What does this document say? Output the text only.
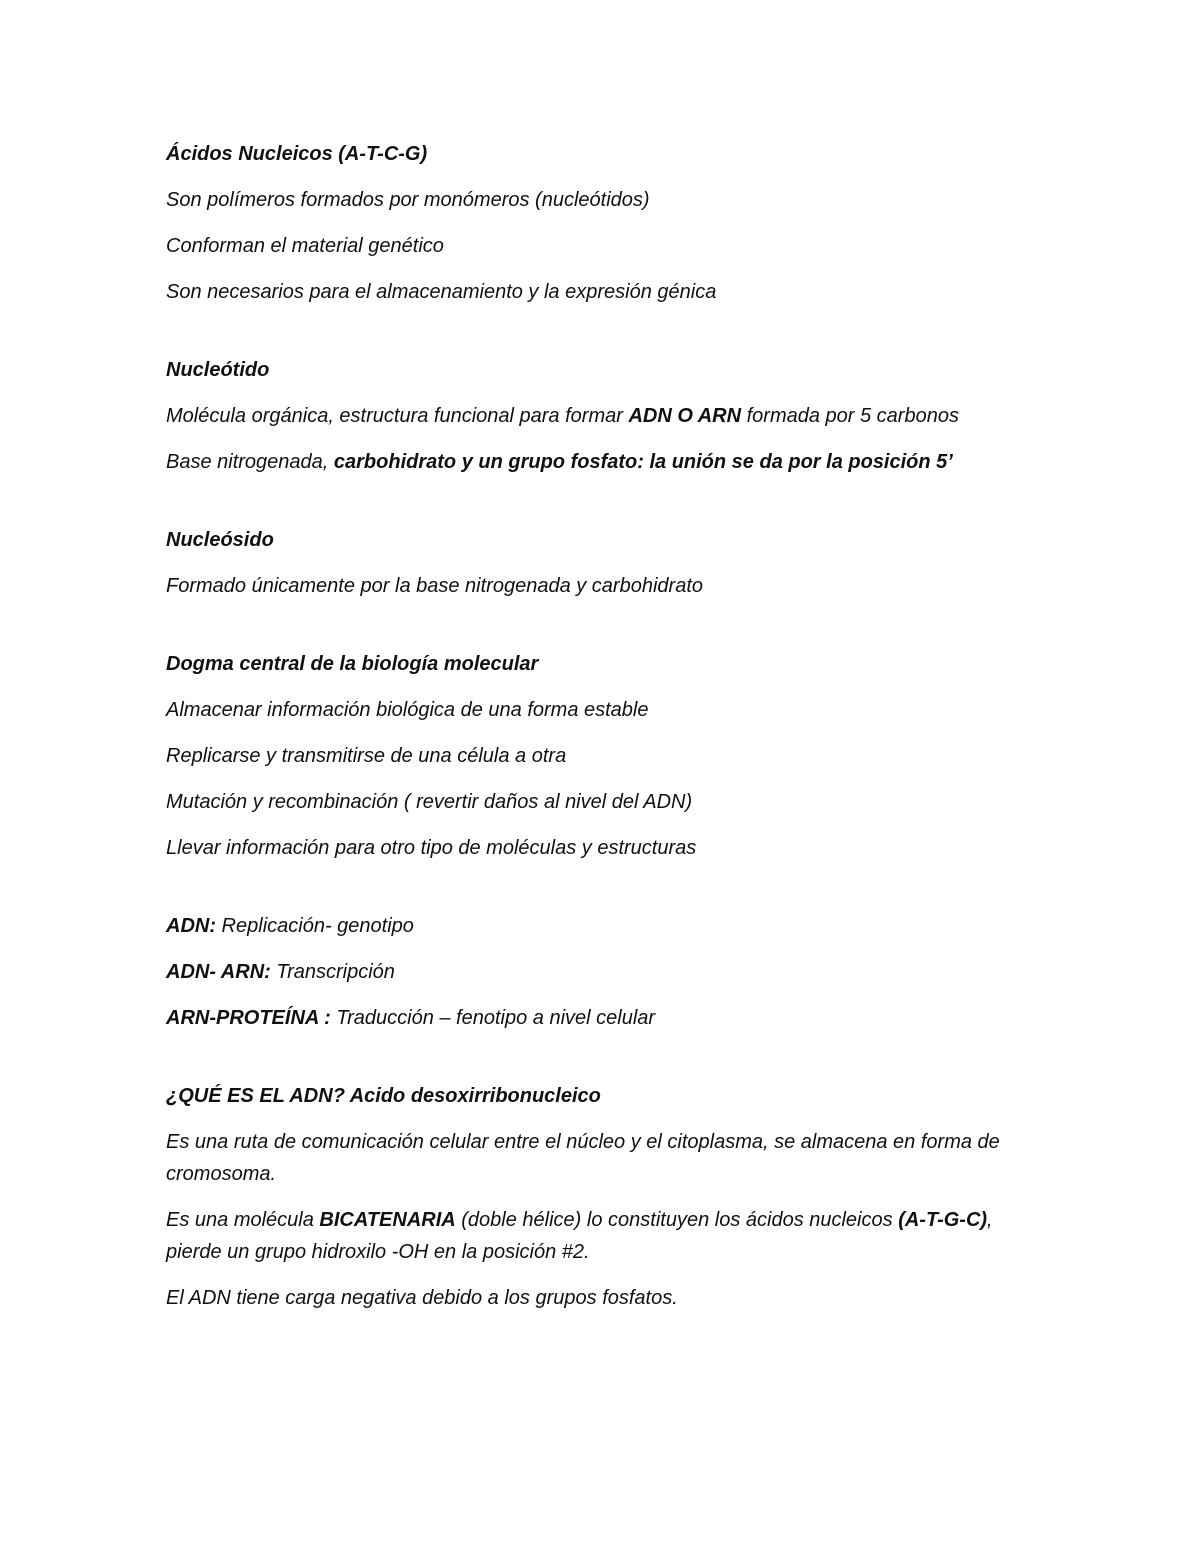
Ácidos Nucleicos (A-T-C-G)

Son polímeros formados por monómeros (nucleótidos)

Conforman el material genético

Son necesarios para el almacenamiento y la expresión génica

Nucleótido

Molécula orgánica, estructura funcional para formar ADN O ARN formada por 5 carbonos

Base nitrogenada, carbohidrato y un grupo fosfato: la unión se da por la posición 5’

Nucleósido

Formado únicamente por la base nitrogenada y carbohidrato

Dogma central de la biología molecular

Almacenar información biológica de una forma estable

Replicarse y transmitirse de una célula a otra

Mutación y recombinación ( revertir daños al nivel del ADN)

Llevar información para otro tipo de moléculas y estructuras

ADN: Replicación- genotipo

ADN- ARN: Transcripción

ARN-PROTEÍNA : Traducción – fenotipo a nivel celular

¿QUÉ ES EL ADN? Acido desoxirribonucleico

Es una ruta de comunicación celular entre el núcleo y el citoplasma, se almacena en forma de cromosoma.

Es una molécula BICATENARIA (doble hélice) lo constituyen los ácidos nucleicos (A-T-G-C), pierde un grupo hidroxilo -OH en la posición #2.

El ADN tiene carga negativa debido a los grupos fosfatos.
